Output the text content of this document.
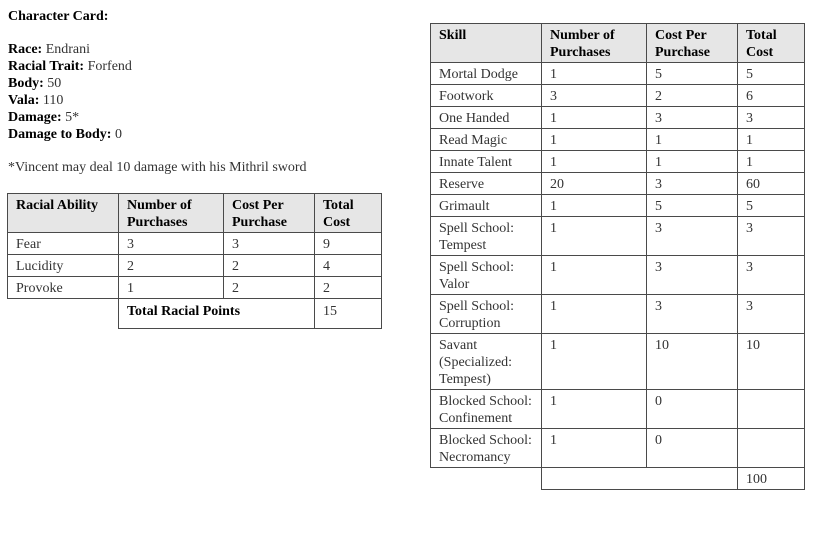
Character Card:
Race: Endrani
Racial Trait: Forfend
Body: 50
Vala: 110
Damage: 5*
Damage to Body: 0
*Vincent may deal 10 damage with his Mithril sword
Racial Ability	Number of Purchases	Cost Per Purchase	Total Cost
Fear	3	3	9
Lucidity	2	2	4
Provoke	1	2	2
	Total Racial Points		15
Skill	Number of Purchases	Cost Per Purchase	Total Cost
Mortal Dodge	1	5	5
Footwork	3	2	6
One Handed	1	3	3
Read Magic	1	1	1
Innate Talent	1	1	1
Reserve	20	3	60
Grimault	1	5	5
Spell School: Tempest	1	3	3
Spell School: Valor	1	3	3
Spell School: Corruption	1	3	3
Savant (Specialized: Tempest)	1	10	10
Blocked School: Confinement	1	0	
Blocked School: Necromancy	1	0	
			100
